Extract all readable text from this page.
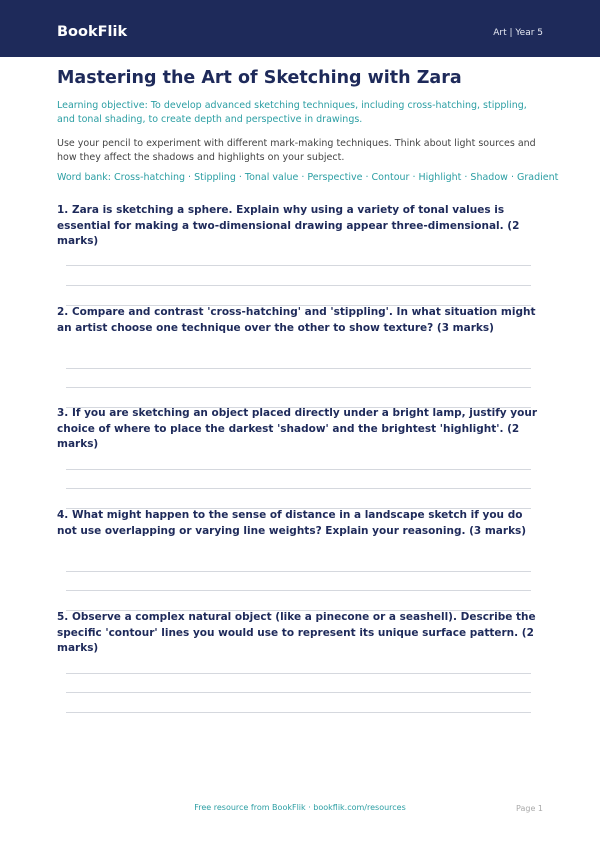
BookFlik	Art | Year 5
Mastering the Art of Sketching with Zara
Learning objective: To develop advanced sketching techniques, including cross-hatching, stippling, and tonal shading, to create depth and perspective in drawings.
Use your pencil to experiment with different mark-making techniques. Think about light sources and how they affect the shadows and highlights on your subject.
Word bank: Cross-hatching · Stippling · Tonal value · Perspective · Contour · Highlight · Shadow · Gradient
1. Zara is sketching a sphere. Explain why using a variety of tonal values is essential for making a two-dimensional drawing appear three-dimensional. (2 marks)
2. Compare and contrast 'cross-hatching' and 'stippling'. In what situation might an artist choose one technique over the other to show texture? (3 marks)
3. If you are sketching an object placed directly under a bright lamp, justify your choice of where to place the darkest 'shadow' and the brightest 'highlight'. (2 marks)
4. What might happen to the sense of distance in a landscape sketch if you do not use overlapping or varying line weights? Explain your reasoning. (3 marks)
5. Observe a complex natural object (like a pinecone or a seashell). Describe the specific 'contour' lines you would use to represent its unique surface pattern. (2 marks)
Free resource from BookFlik · bookflik.com/resources	Page 1
